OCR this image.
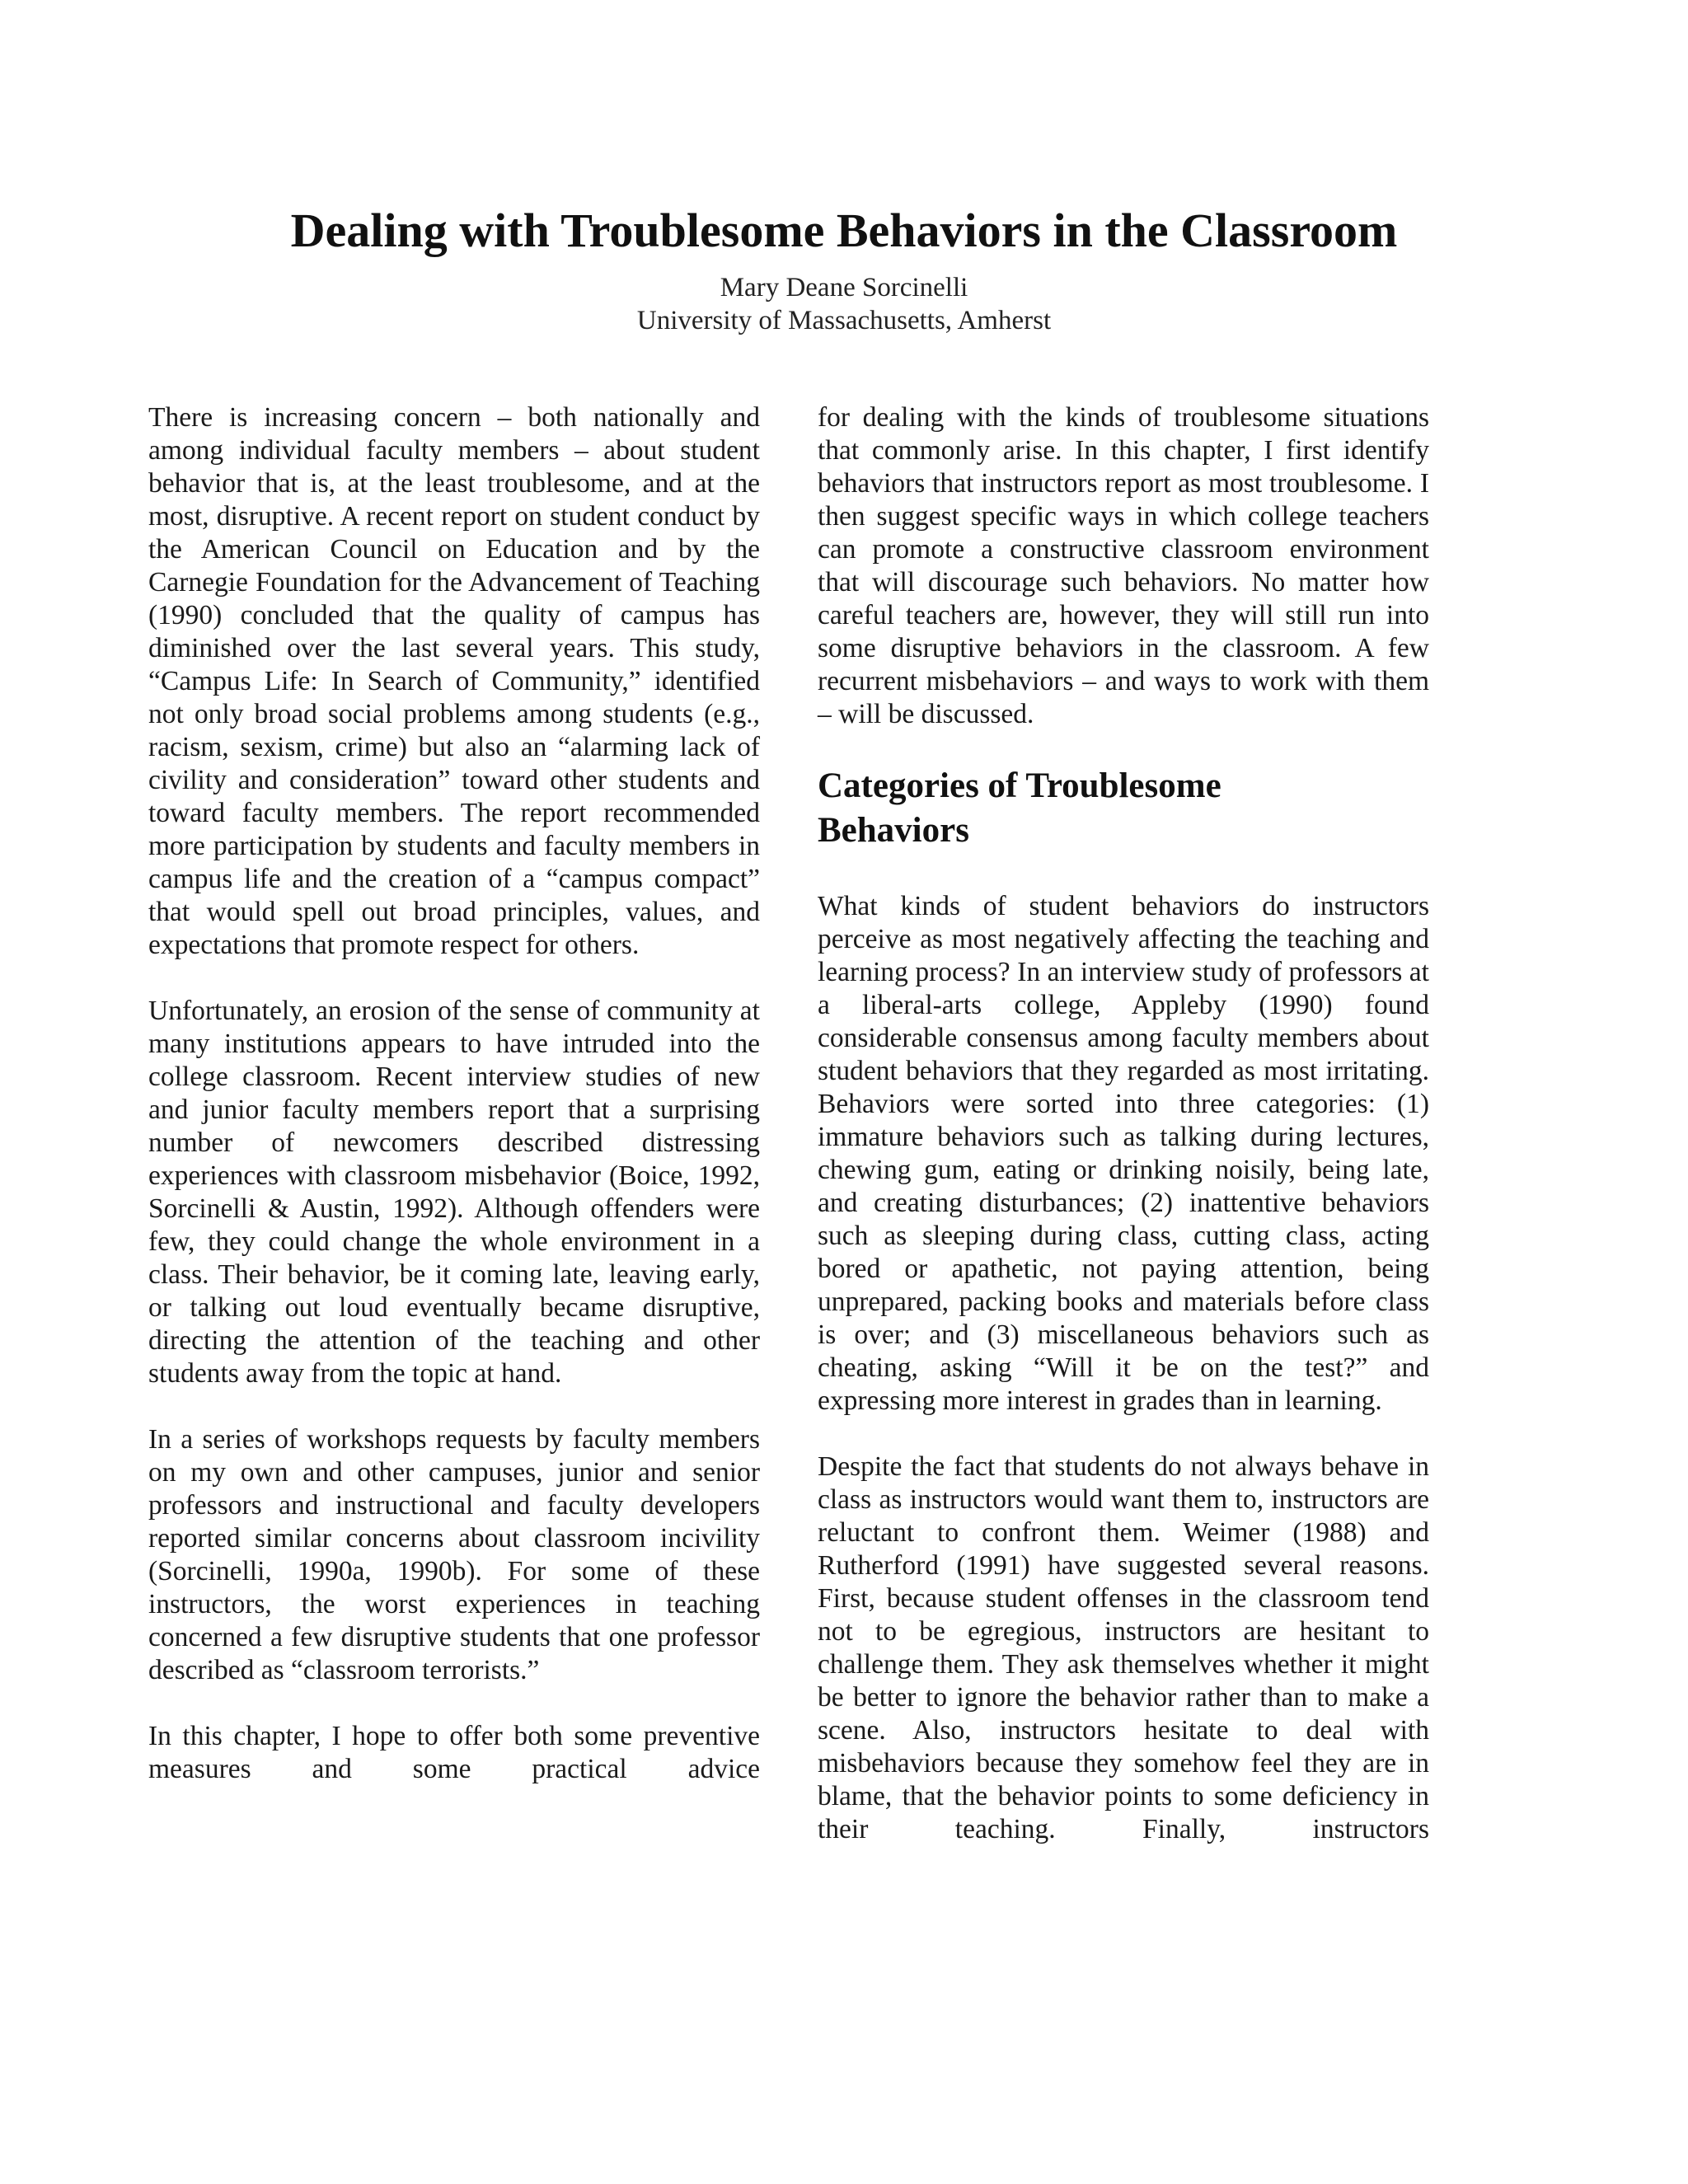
Dealing with Troublesome Behaviors in the Classroom

Mary Deane Sorcinelli

University of Massachusetts, Amherst

There is increasing concern – both nationally and among individual faculty members – about student behavior that is, at the least troublesome, and at the most, disruptive. A recent report on student conduct by the American Council on Education and by the Carnegie Foundation for the Advancement of Teaching (1990) concluded that the quality of campus has diminished over the last several years. This study, “Campus Life: In Search of Community,” identified not only broad social problems among students (e.g., racism, sexism, crime) but also an “alarming lack of civility and consideration” toward other students and toward faculty members. The report recommended more participation by students and faculty members in campus life and the creation of a “campus compact” that would spell out broad principles, values, and expectations that promote respect for others.

Unfortunately, an erosion of the sense of community at many institutions appears to have intruded into the college classroom. Recent interview studies of new and junior faculty members report that a surprising number of newcomers described distressing experiences with classroom misbehavior (Boice, 1992, Sorcinelli & Austin, 1992). Although offenders were few, they could change the whole environment in a class. Their behavior, be it coming late, leaving early, or talking out loud eventually became disruptive, directing the attention of the teaching and other students away from the topic at hand.

In a series of workshops requests by faculty members on my own and other campuses, junior and senior professors and instructional and faculty developers reported similar concerns about classroom incivility (Sorcinelli, 1990a, 1990b). For some of these instructors, the worst experiences in teaching concerned a few disruptive students that one professor described as “classroom terrorists.”

In this chapter, I hope to offer both some preventive measures and some practical advice

for dealing with the kinds of troublesome situations that commonly arise. In this chapter, I first identify behaviors that instructors report as most troublesome. I then suggest specific ways in which college teachers can promote a constructive classroom environment that will discourage such behaviors. No matter how careful teachers are, however, they will still run into some disruptive behaviors in the classroom. A few recurrent misbehaviors – and ways to work with them – will be discussed.

Categories of Troublesome Behaviors

What kinds of student behaviors do instructors perceive as most negatively affecting the teaching and learning process? In an interview study of professors at a liberal-arts college, Appleby (1990) found considerable consensus among faculty members about student behaviors that they regarded as most irritating. Behaviors were sorted into three categories: (1) immature behaviors such as talking during lectures, chewing gum, eating or drinking noisily, being late, and creating disturbances; (2) inattentive behaviors such as sleeping during class, cutting class, acting bored or apathetic, not paying attention, being unprepared, packing books and materials before class is over; and (3) miscellaneous behaviors such as cheating, asking “Will it be on the test?” and expressing more interest in grades than in learning.

Despite the fact that students do not always behave in class as instructors would want them to, instructors are reluctant to confront them. Weimer (1988) and Rutherford (1991) have suggested several reasons. First, because student offenses in the classroom tend not to be egregious, instructors are hesitant to challenge them. They ask themselves whether it might be better to ignore the behavior rather than to make a scene. Also, instructors hesitate to deal with misbehaviors because they somehow feel they are in blame, that the behavior points to some deficiency in their teaching. Finally, instructors
